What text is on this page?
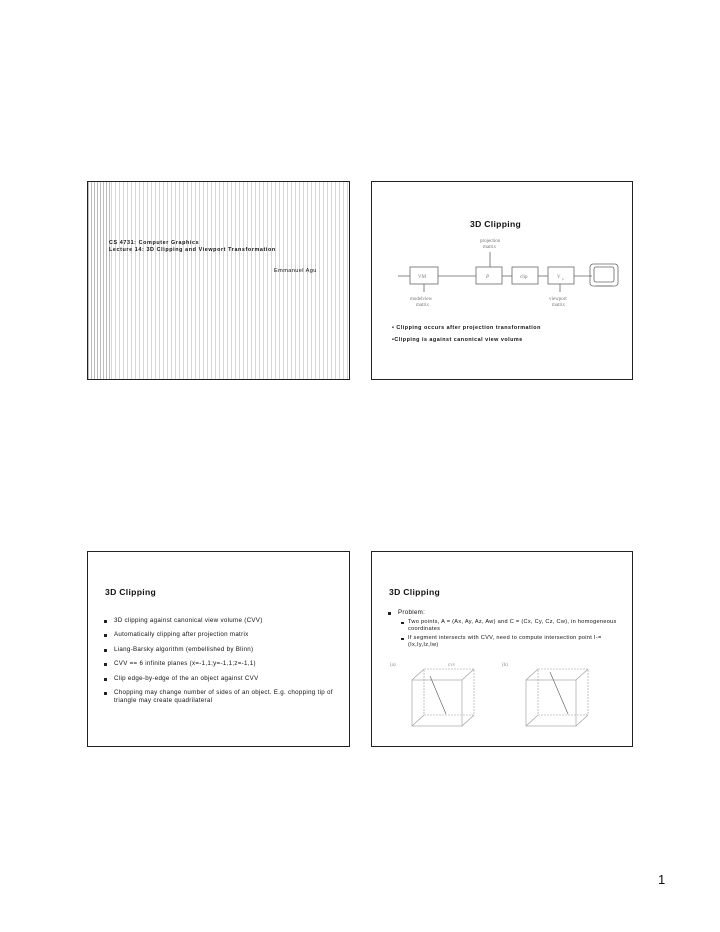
CS 4731: Computer Graphics
Lecture 14: 3D Clipping and Viewport Transformation
Emmanuel Agu
3D Clipping
projection
matrix
VM	P	clip	V p
modelview
matrix
viewport
matrix
• Clipping occurs after projection transformation
•Clipping is against canonical view volume
3D Clipping
3D clipping against canonical view volume (CVV)
Automatically clipping after projection matrix
Liang-Barsky algorithm (embellished by Blinn)
CVV == 6 infinite planes (x=-1,1;y=-1,1;z=-1,1)
Clip edge-by-edge of the an object against CVV
Chopping may change number of sides of an object. E.g. chopping tip of triangle may create quadrilateral
3D Clipping
Problem:
Two points, A = (Ax, Ay, Az, Aw) and C = (Cx, Cy, Cz, Cw), in homogeneous coordinates
If segment intersects with CVV, need to compute intersection point I-=(Ix,Iy,Iz,Iw)
(a)	(b)
cvv
1
